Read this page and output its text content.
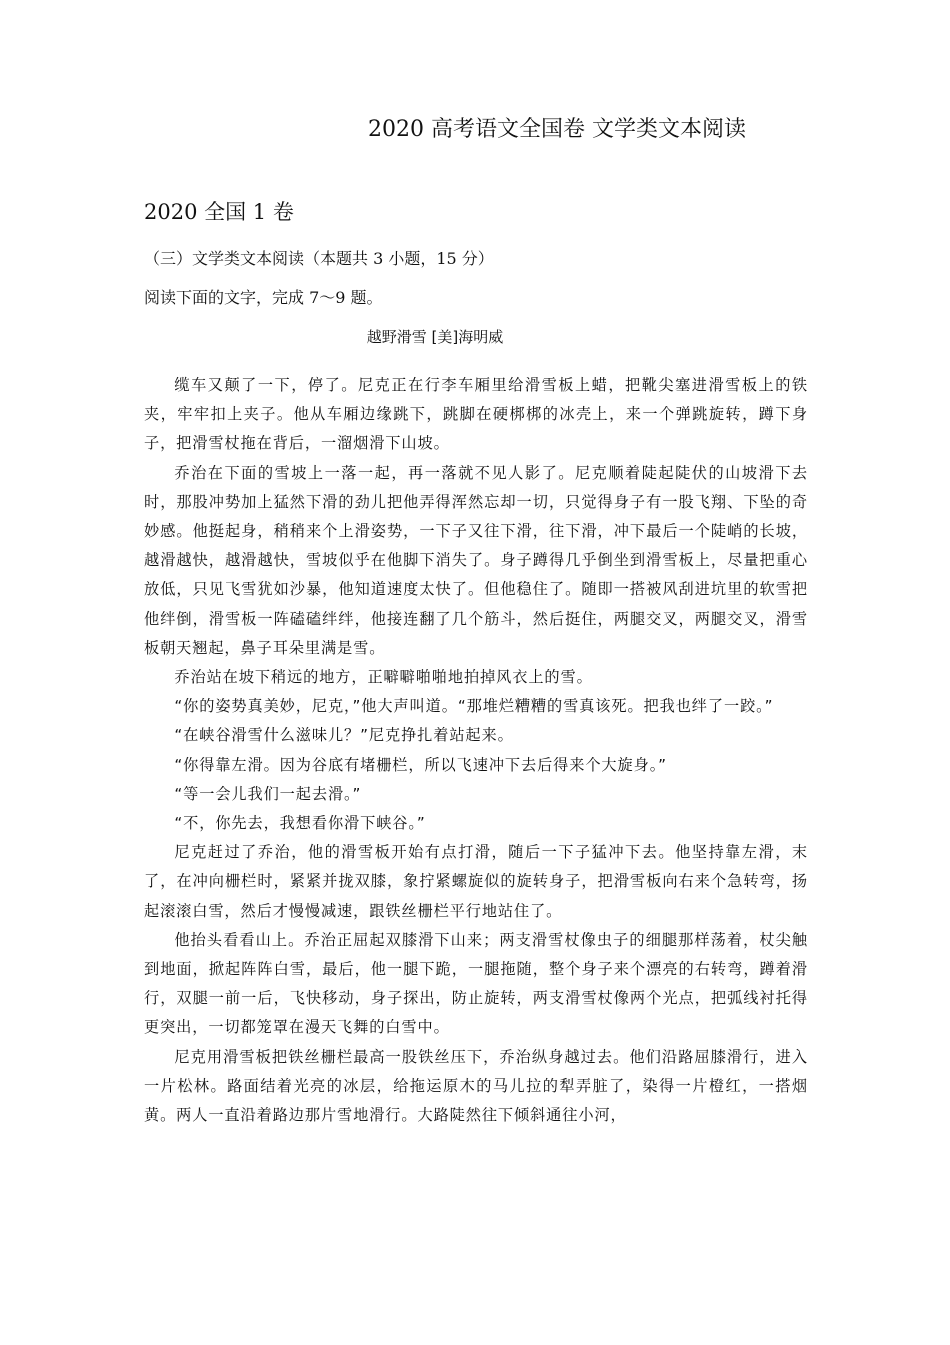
2020 高考语文全国卷 文学类文本阅读
2020 全国 1 卷
（三）文学类文本阅读（本题共 3 小题，15 分）
阅读下面的文字，完成 7～9 题。
越野滑雪 [美]海明威

缆车又颠了一下，停了。尼克正在行李车厢里给滑雪板上蜡，把靴尖塞进滑雪板上的铁夹，牢牢扣上夹子。他从车厢边缘跳下，跳脚在硬梆梆的冰壳上，来一个弹跳旋转，蹲下身子，把滑雪杖拖在背后，一溜烟滑下山坡。

乔治在下面的雪坡上一落一起，再一落就不见人影了。尼克顺着陡起陡伏的山坡滑下去时，那股冲势加上猛然下滑的劲儿把他弄得浑然忘却一切，只觉得身子有一股飞翔、下坠的奇妙感。他挺起身，稍稍来个上滑姿势，一下子又往下滑，往下滑，冲下最后一个陡峭的长坡，越滑越快，越滑越快，雪坡似乎在他脚下消失了。身子蹲得几乎倒坐到滑雪板上，尽量把重心放低，只见飞雪犹如沙暴，他知道速度太快了。但他稳住了。随即一搭被风刮进坑里的软雪把他绊倒，滑雪板一阵磕磕绊绊，他接连翻了几个筋斗，然后挺住，两腿交叉，两腿交叉，滑雪板朝天翘起，鼻子耳朵里满是雪。

乔治站在坡下稍远的地方，正噼噼啪啪地拍掉风衣上的雪。

“你的姿势真美妙，尼克，”他大声叫道。“那堆烂糟糟的雪真该死。把我也绊了一跤。”

“在峡谷滑雪什么滋味儿？”尼克挣扎着站起来。

“你得靠左滑。因为谷底有堵栅栏，所以飞速冲下去后得来个大旋身。”

“等一会儿我们一起去滑。”

“不，你先去，我想看你滑下峡谷。”

尼克赶过了乔治，他的滑雪板开始有点打滑，随后一下子猛冲下去。他坚持靠左滑，末了，在冲向栅栏时，紧紧并拢双膝，象拧紧螺旋似的旋转身子，把滑雪板向右来个急转弯，扬起滚滚白雪，然后才慢慢减速，跟铁丝栅栏平行地站住了。

他抬头看看山上。乔治正屈起双膝滑下山来；两支滑雪杖像虫子的细腿那样荡着，杖尖触到地面，掀起阵阵白雪，最后，他一腿下跪，一腿拖随，整个身子来个漂亮的右转弯，蹲着滑行，双腿一前一后，飞快移动，身子探出，防止旋转，两支滑雪杖像两个光点，把弧线衬托得更突出，一切都笼罩在漫天飞舞的白雪中。

尼克用滑雪板把铁丝栅栏最高一股铁丝压下，乔治纵身越过去。他们沿路屈膝滑行，进入一片松林。路面结着光亮的冰层，给拖运原木的马儿拉的犁弄脏了，染得一片橙红，一搭烟黄。两人一直沿着路边那片雪地滑行。大路陡然往下倾斜通往小河，
